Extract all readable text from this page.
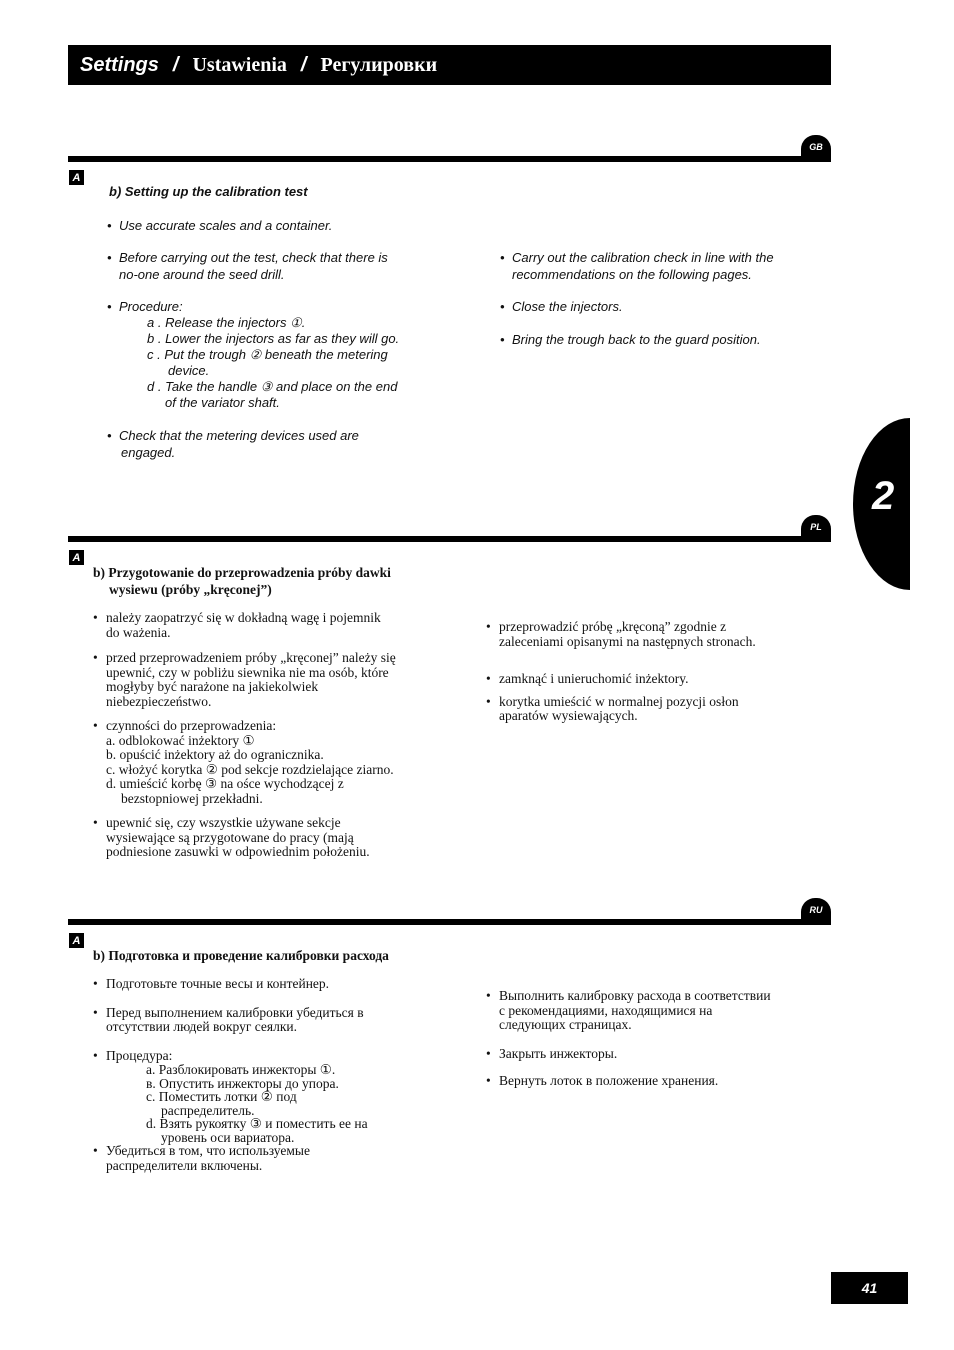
Settings / Ustawienia / Регулировки
2
GB
A
b) Setting up the calibration test
• Use accurate scales and a container.
• Before carrying out the test, check that there is
no-one around the seed drill.
• Procedure:
a . Release the injectors ①.
b . Lower the injectors as far as they will go.
c . Put the trough ② beneath the metering
device.
d . Take the handle ③ and place on the end
of the variator shaft.
• Check that the metering devices used are
engaged.
• Carry out the calibration check in line with the
recommendations on the following pages.
• Close the injectors.
• Bring the trough back to the guard position.
PL
A
b) Przygotowanie do przeprowadzenia próby dawki
wysiewu (próby „kręconej”)
• należy zaopatrzyć się w dokładną wagę i pojemnik
do ważenia.
• przed przeprowadzeniem próby „kręconej” należy się
upewnić, czy w pobliżu siewnika nie ma osób, które
mogłyby być narażone na jakiekolwiek
niebezpieczeństwo.
• czynności do przeprowadzenia:
a. odblokować inżektory ①
b. opuścić inżektory aż do ogranicznika.
c. włożyć korytka ② pod sekcje rozdzielające ziarno.
d. umieścić korbę ③ na ośce wychodzącej z
bezstopniowej przekładni.
• upewnić się, czy wszystkie używane sekcje
wysiewające są przygotowane do pracy (mają
podniesione zasuwki w odpowiednim położeniu.
• przeprowadzić próbę „kręconą” zgodnie z
zaleceniami opisanymi na następnych stronach.
• zamknąć i unieruchomić inżektory.
• korytka umieścić w normalnej pozycji osłon
aparatów wysiewających.
RU
A
b) Подготовка и проведение калибровки расхода
• Подготовьте точные весы и контейнер.
• Перед выполнением калибровки убедиться в
отсутствии людей вокруг сеялки.
• Процедура:
а. Разблокировать инжекторы ①.
в. Опустить инжекторы до упора.
с. Поместить лотки ② под
распределитель.
d. Взять рукоятку ③ и поместить ее на
уровень оси вариатора.
• Убедиться в том, что используемые
распределители включены.
• Выполнить калибровку расхода в соответствии
с рекомендациями, находящимися на
следующих страницах.
• Закрыть инжекторы.
• Вернуть лоток в положение хранения.
41
